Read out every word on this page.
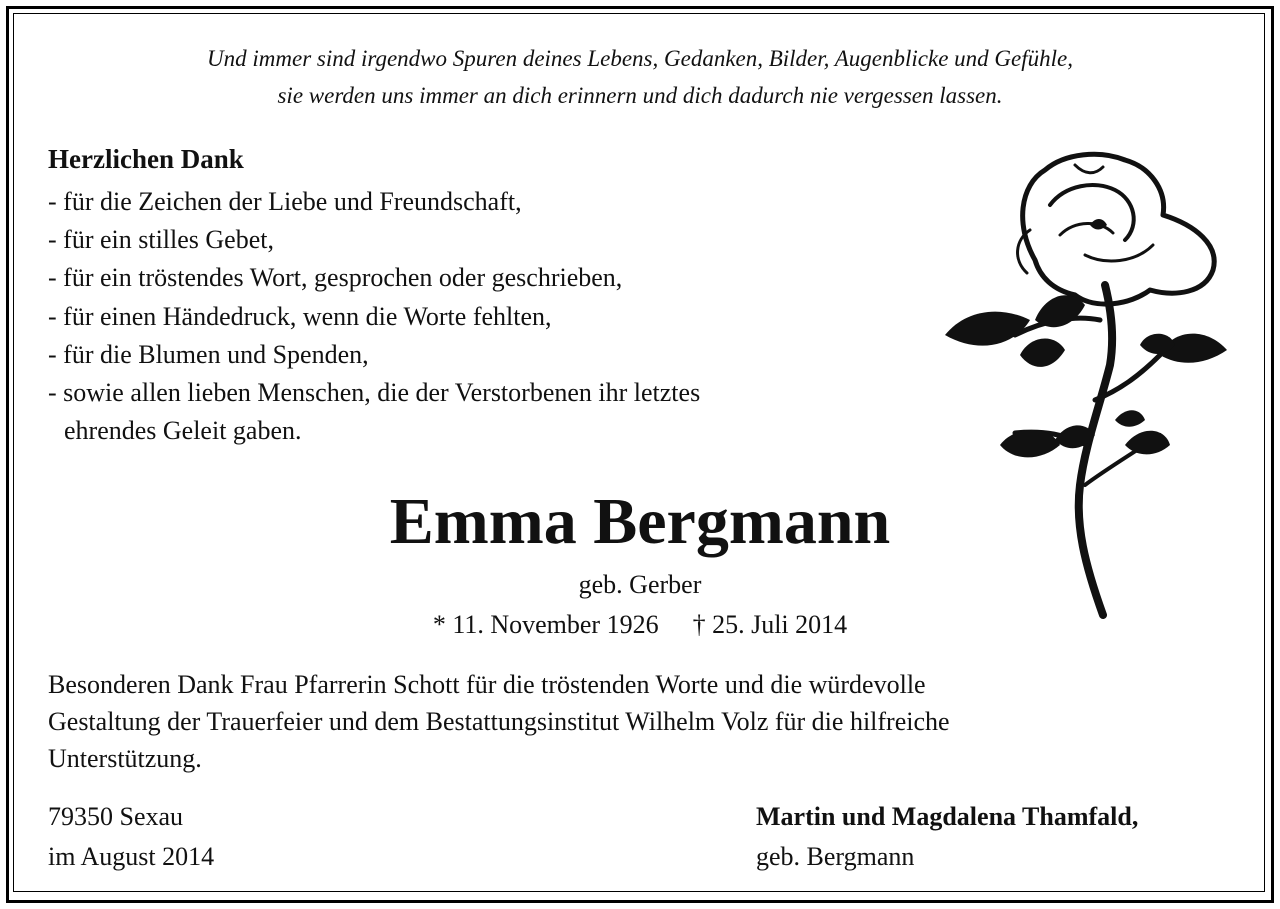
Und immer sind irgendwo Spuren deines Lebens, Gedanken, Bilder, Augenblicke und Gefühle,
sie werden uns immer an dich erinnern und dich dadurch nie vergessen lassen.
Herzlichen Dank
- für die Zeichen der Liebe und Freundschaft,
- für ein stilles Gebet,
- für ein tröstendes Wort, gesprochen oder geschrieben,
- für einen Händedruck, wenn die Worte fehlten,
- für die Blumen und Spenden,
- sowie allen lieben Menschen, die der Verstorbenen ihr letztes
ehrendes Geleit gaben.
Emma Bergmann
geb. Gerber
* 11. November 1926 † 25. Juli 2014
Besonderen Dank Frau Pfarrerin Schott für die tröstenden Worte und die würdevolle
Gestaltung der Trauerfeier und dem Bestattungsinstitut Wilhelm Volz für die hilfreiche
Unterstützung.
79350 Sexau
im August 2014
Martin und Magdalena Thamfald,
geb. Bergmann
